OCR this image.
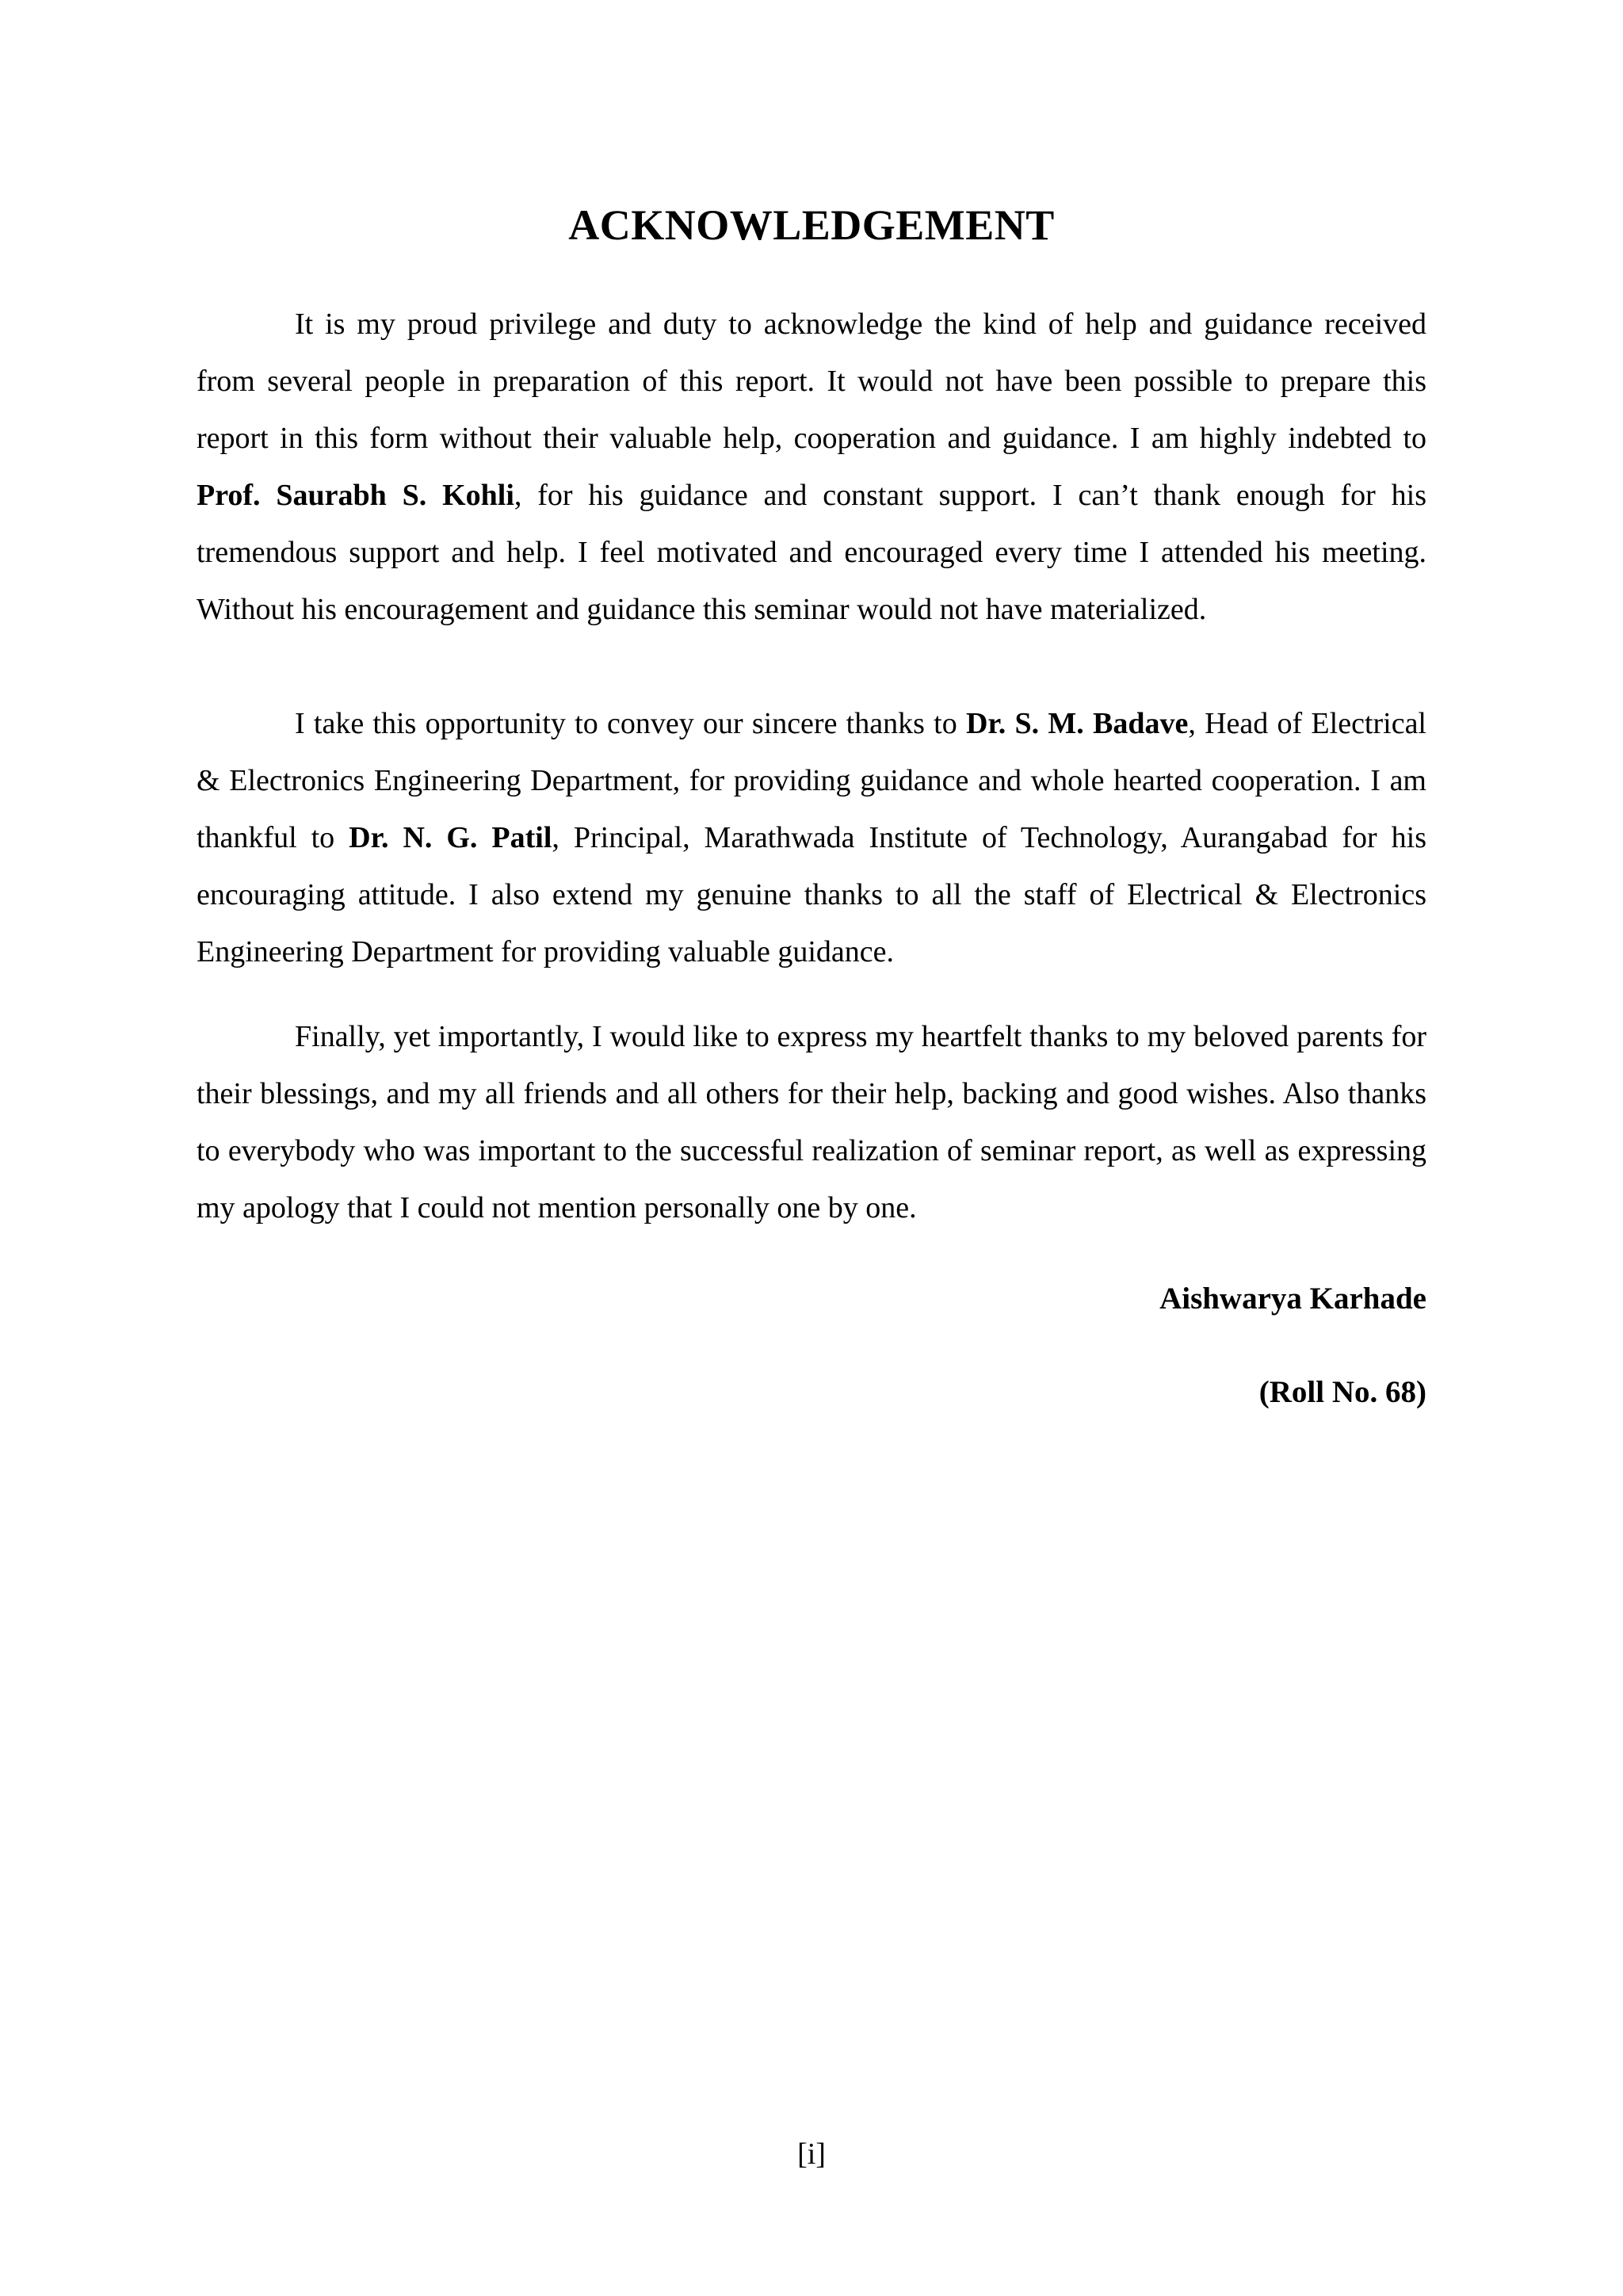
ACKNOWLEDGEMENT

It is my proud privilege and duty to acknowledge the kind of help and guidance received from several people in preparation of this report. It would not have been possible to prepare this report in this form without their valuable help, cooperation and guidance. I am highly indebted to Prof. Saurabh S. Kohli, for his guidance and constant support. I can’t thank enough for his tremendous support and help. I feel motivated and encouraged every time I attended his meeting. Without his encouragement and guidance this seminar would not have materialized.

I take this opportunity to convey our sincere thanks to Dr. S. M. Badave, Head of Electrical & Electronics Engineering Department, for providing guidance and whole hearted cooperation. I am thankful to Dr. N. G. Patil, Principal, Marathwada Institute of Technology, Aurangabad for his encouraging attitude. I also extend my genuine thanks to all the staff of Electrical & Electronics Engineering Department for providing valuable guidance.

Finally, yet importantly, I would like to express my heartfelt thanks to my beloved parents for their blessings, and my all friends and all others for their help, backing and good wishes. Also thanks to everybody who was important to the successful realization of seminar report, as well as expressing my apology that I could not mention personally one by one.

Aishwarya Karhade
(Roll No. 68)
[i]
